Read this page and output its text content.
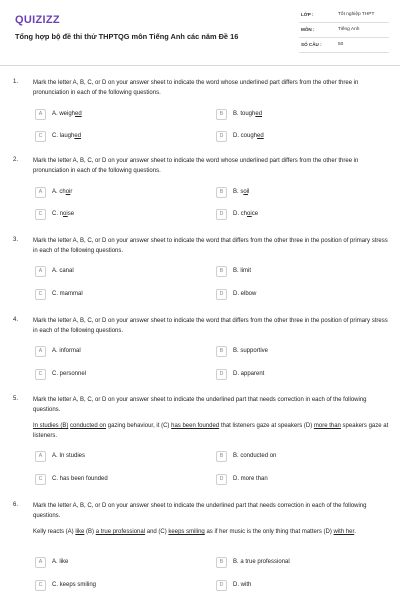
QUIZIZZ
Tổng hợp bộ đề thi thử THPTQG môn Tiếng Anh các năm Đề 16
LỚP :	Tốt nghiệp THPT
MÔN :	Tiếng Anh
SỐ CÂU :	50
1. Mark the letter A, B, C, or D on your answer sheet to indicate the word whose underlined part differs from the other three in pronunciation in each of the following questions.
A	A. weighed	B	B. toughed
C	C. laughed	D	D. coughed
2. Mark the letter A, B, C, or D on your answer sheet to indicate the word whose underlined part differs from the other three in pronunciation in each of the following questions.
A	A. choir	B	B. soil
C	C. noise	D	D. choice
3. Mark the letter A, B, C, or D on your answer sheet to indicate the word that differs from the other three in the position of primary stress in each of the following questions.
A	A. canal	B	B. limit
C	C. mammal	D	D. elbow
4. Mark the letter A, B, C, or D on your answer sheet to indicate the word that differs from the other three in the position of primary stress in each of the following questions.
A	A. informal	B	B. supportive
C	C. personnel	D	D. apparent
5. Mark the letter A, B, C, or D on your answer sheet to indicate the underlined part that needs correction in each of the following questions.
In studies (B) conducted on gazing behaviour, it (C) has been founded that listeners gaze at speakers (D) more than speakers gaze at listeners.
A	A. In studies	B	B. conducted on
C	C. has been founded	D	D. more than
6. Mark the letter A, B, C, or D on your answer sheet to indicate the underlined part that needs correction in each of the following questions.
Kelly reacts (A) like (B) a true professional and (C) keeps smiling as if her music is the only thing that matters (D) with her.
A	A. like	B	B. a true professional
C	C. keeps smiling	D	D. with
